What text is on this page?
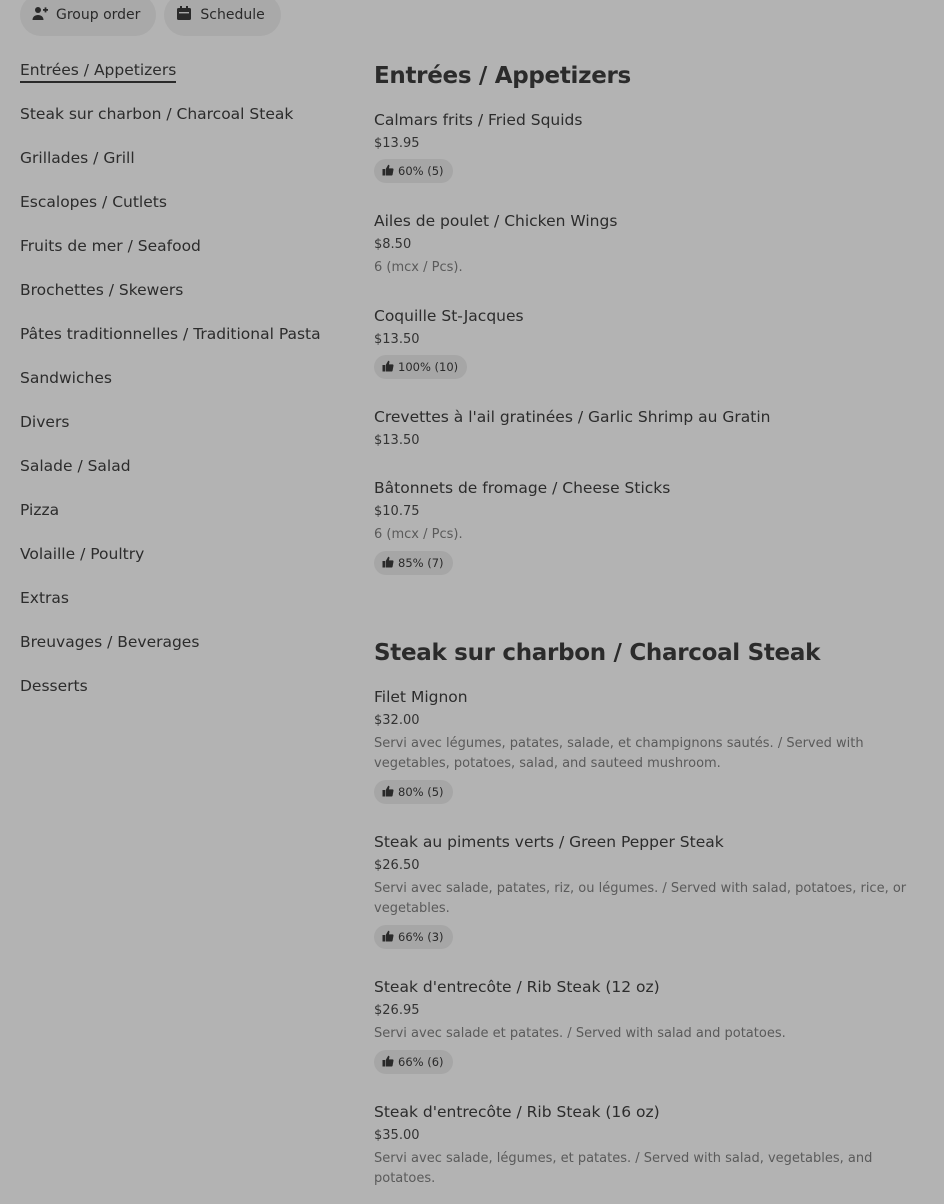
Group order	Schedule
Entrées / Appetizers
Steak sur charbon / Charcoal Steak
Grillades / Grill
Escalopes / Cutlets
Fruits de mer / Seafood
Brochettes / Skewers
Pâtes traditionnelles / Traditional Pasta
Sandwiches
Divers
Salade / Salad
Pizza
Volaille / Poultry
Extras
Breuvages / Beverages
Desserts
Entrées / Appetizers
Calmars frits / Fried Squids
$13.95
60% (5)
Ailes de poulet / Chicken Wings
$8.50
6 (mcx / Pcs).
Coquille St-Jacques
$13.50
100% (10)
Crevettes à l'ail gratinées / Garlic Shrimp au Gratin
$13.50
Bâtonnets de fromage / Cheese Sticks
$10.75
6 (mcx / Pcs).
85% (7)
Steak sur charbon / Charcoal Steak
Filet Mignon
$32.00
Servi avec légumes, patates, salade, et champignons sautés. / Served with vegetables, potatoes, salad, and sauteed mushroom.
80% (5)
Steak au piments verts / Green Pepper Steak
$26.50
Servi avec salade, patates, riz, ou légumes. / Served with salad, potatoes, rice, or vegetables.
66% (3)
Steak d'entrecôte / Rib Steak (12 oz)
$26.95
Servi avec salade et patates. / Served with salad and potatoes.
66% (6)
Steak d'entrecôte / Rib Steak (16 oz)
$35.00
Servi avec salade, légumes, et patates. / Served with salad, vegetables, and potatoes.
